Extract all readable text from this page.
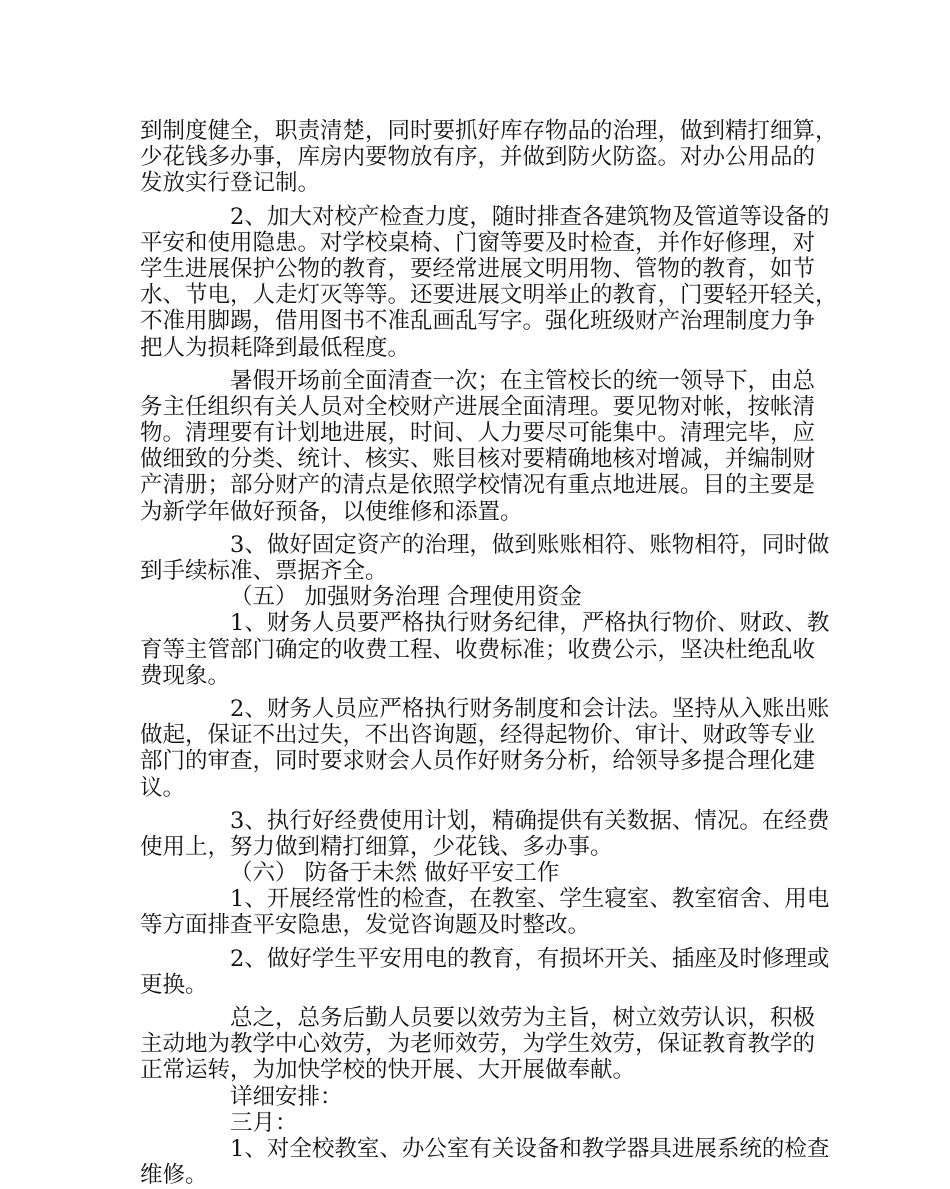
到制度健全，职责清楚，同时要抓好库存物品的治理，做到精打细算，
少花钱多办事，库房内要物放有序，并做到防火防盗。对办公用品的
发放实行登记制。
2、加大对校产检查力度，随时排查各建筑物及管道等设备的
平安和使用隐患。对学校桌椅、门窗等要及时检查，并作好修理，对
学生进展保护公物的教育，要经常进展文明用物、管物的教育，如节
水、节电，人走灯灭等等。还要进展文明举止的教育，门要轻开轻关，
不准用脚踢，借用图书不准乱画乱写字。强化班级财产治理制度力争
把人为损耗降到最低程度。
暑假开场前全面清查一次；在主管校长的统一领导下，由总
务主任组织有关人员对全校财产进展全面清理。要见物对帐，按帐清
物。清理要有计划地进展，时间、人力要尽可能集中。清理完毕，应
做细致的分类、统计、核实、账目核对要精确地核对增减，并编制财
产清册；部分财产的清点是依照学校情况有重点地进展。目的主要是
为新学年做好预备，以使维修和添置。
3、做好固定资产的治理，做到账账相符、账物相符，同时做
到手续标准、票据齐全。
（五） 加强财务治理 合理使用资金
1、财务人员要严格执行财务纪律，严格执行物价、财政、教
育等主管部门确定的收费工程、收费标准；收费公示，坚决杜绝乱收
费现象。
2、财务人员应严格执行财务制度和会计法。坚持从入账出账
做起，保证不出过失，不出咨询题，经得起物价、审计、财政等专业
部门的审查，同时要求财会人员作好财务分析，给领导多提合理化建
议。
3、执行好经费使用计划，精确提供有关数据、情况。在经费
使用上，努力做到精打细算，少花钱、多办事。
（六） 防备于未然 做好平安工作
1、开展经常性的检查，在教室、学生寝室、教室宿舍、用电
等方面排查平安隐患，发觉咨询题及时整改。
2、做好学生平安用电的教育，有损坏开关、插座及时修理或
更换。
总之，总务后勤人员要以效劳为主旨，树立效劳认识，积极
主动地为教学中心效劳，为老师效劳，为学生效劳，保证教育教学的
正常运转，为加快学校的快开展、大开展做奉献。
详细安排：
三月：
1、对全校教室、办公室有关设备和教学器具进展系统的检查
维修。
